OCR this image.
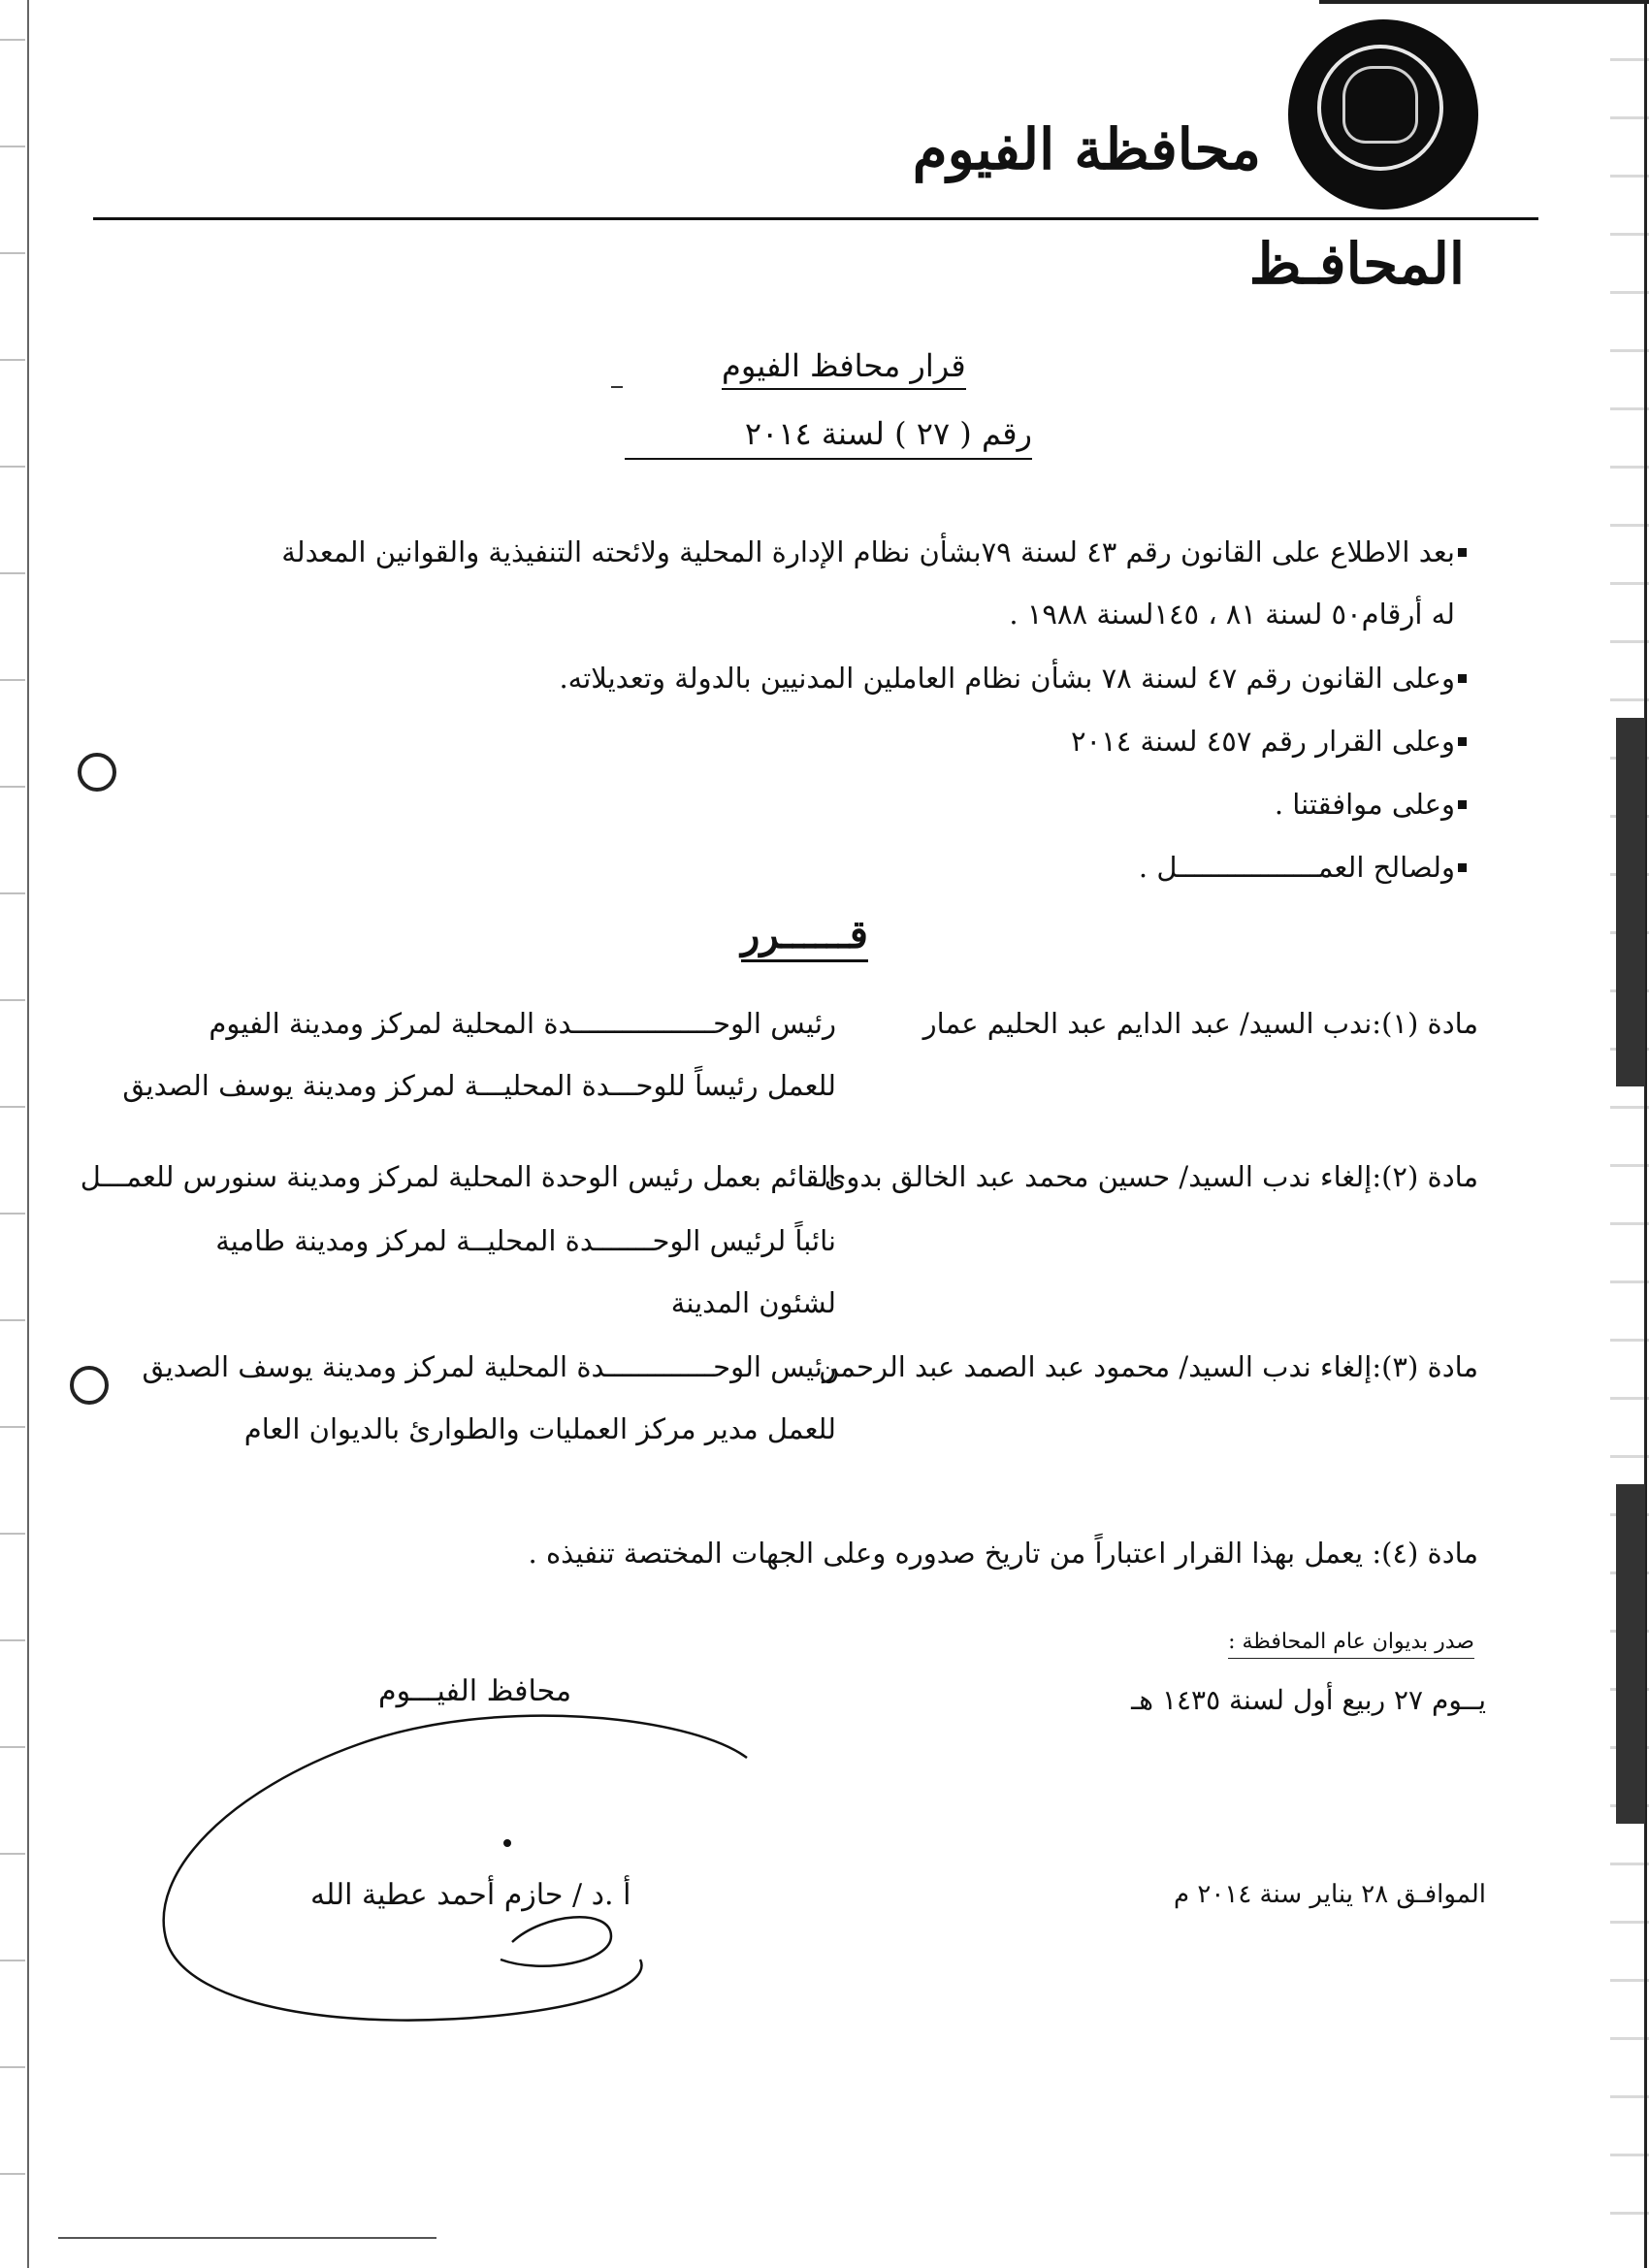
محافظة الفيوم
المحافـظ
قرار محافظ الفيوم
رقم ( ٢٧ ) لسنة ٢٠١٤
بعد الاطلاع على القانون رقم ٤٣ لسنة ٧٩بشأن نظام الإدارة المحلية ولائحته التنفيذية والقوانين المعدلة
له أرقام٥٠ لسنة ٨١ ، ١٤٥لسنة ١٩٨٨ .
وعلى القانون رقم ٤٧ لسنة ٧٨ بشأن نظام العاملين المدنيين بالدولة وتعديلاته.
وعلى القرار رقم ٤٥٧ لسنة ٢٠١٤
وعلى موافقتنا .
ولصالح العمـــــــــــــــــل .
قــــــرر
مادة (١):ندب السيد/ عبد الدايم عبد الحليم عمار
رئيس الوحـــــــــــــــــدة المحلية لمركز ومدينة الفيوم
للعمل رئيساً للوحـــدة المحليـــة لمركز ومدينة يوسف الصديق
مادة (٢):إلغاء ندب السيد/ حسين محمد عبد الخالق بدوى
القائم بعمل رئيس الوحدة المحلية لمركز ومدينة سنورس للعمـــل
نائباً لرئيس الوحـــــــدة المحليــة لمركز ومدينة طامية
لشئون المدينة
مادة (٣):إلغاء ندب السيد/ محمود عبد الصمد عبد الرحمن
رئيس الوحـــــــــــــدة المحلية لمركز ومدينة يوسف الصديق
للعمل مدير مركز العمليات والطوارئ بالديوان العام
مادة (٤): يعمل بهذا القرار اعتباراً من تاريخ صدوره وعلى الجهات المختصة تنفيذه .
صدر بديوان عام المحافظة :
يــوم ٢٧ ربيع أول لسنة ١٤٣٥ هـ
الموافـق ٢٨ يناير سنة ٢٠١٤ م
محافظ الفيـــوم
أ .د / حازم أحمد عطية الله
